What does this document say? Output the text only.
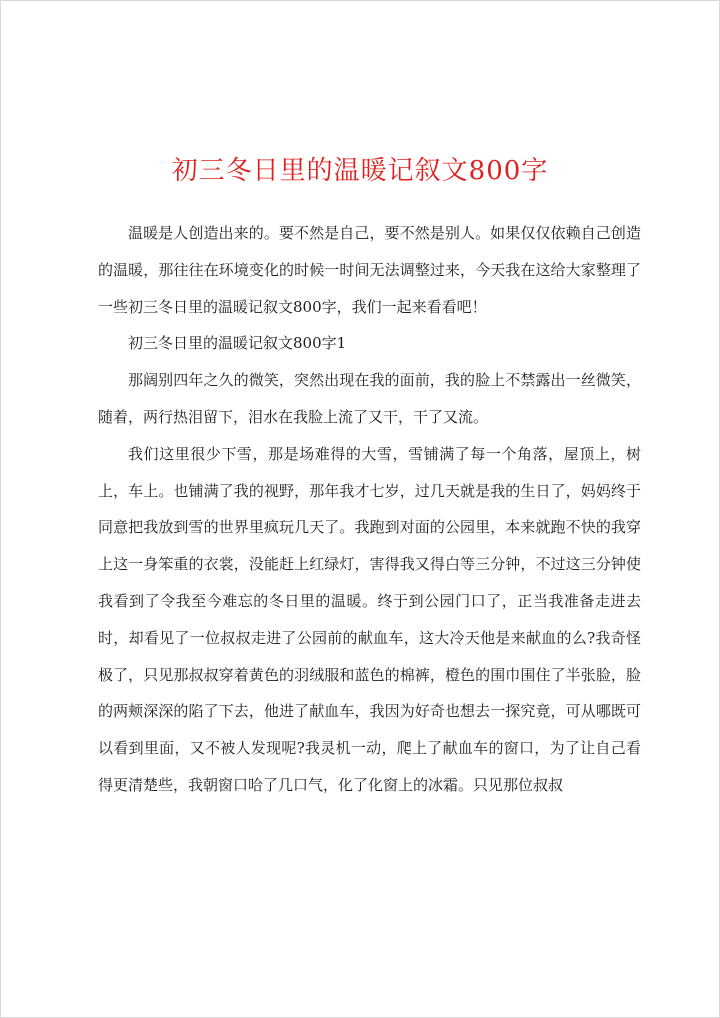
初三冬日里的温暖记叙文800字

温暖是人创造出来的。要不然是自己，要不然是别人。如果仅仅依赖自己创造的温暖，那往往在环境变化的时候一时间无法调整过来，今天我在这给大家整理了一些初三冬日里的温暖记叙文800字，我们一起来看看吧！

初三冬日里的温暖记叙文800字1

那阔别四年之久的微笑，突然出现在我的面前，我的脸上不禁露出一丝微笑，随着，两行热泪留下，泪水在我脸上流了又干，干了又流。

我们这里很少下雪，那是场难得的大雪，雪铺满了每一个角落，屋顶上，树上，车上。也铺满了我的视野，那年我才七岁，过几天就是我的生日了，妈妈终于同意把我放到雪的世界里疯玩几天了。我跑到对面的公园里，本来就跑不快的我穿上这一身笨重的衣裳，没能赶上红绿灯，害得我又得白等三分钟，不过这三分钟使我看到了令我至今难忘的冬日里的温暖。终于到公园门口了，正当我准备走进去时，却看见了一位叔叔走进了公园前的献血车，这大冷天他是来献血的么?我奇怪极了，只见那叔叔穿着黄色的羽绒服和蓝色的棉裤，橙色的围巾围住了半张脸，脸的两颊深深的陷了下去，他进了献血车，我因为好奇也想去一探究竟，可从哪既可以看到里面，又不被人发现呢?我灵机一动，爬上了献血车的窗口，为了让自己看得更清楚些，我朝窗口哈了几口气，化了化窗上的冰霜。只见那位叔叔
